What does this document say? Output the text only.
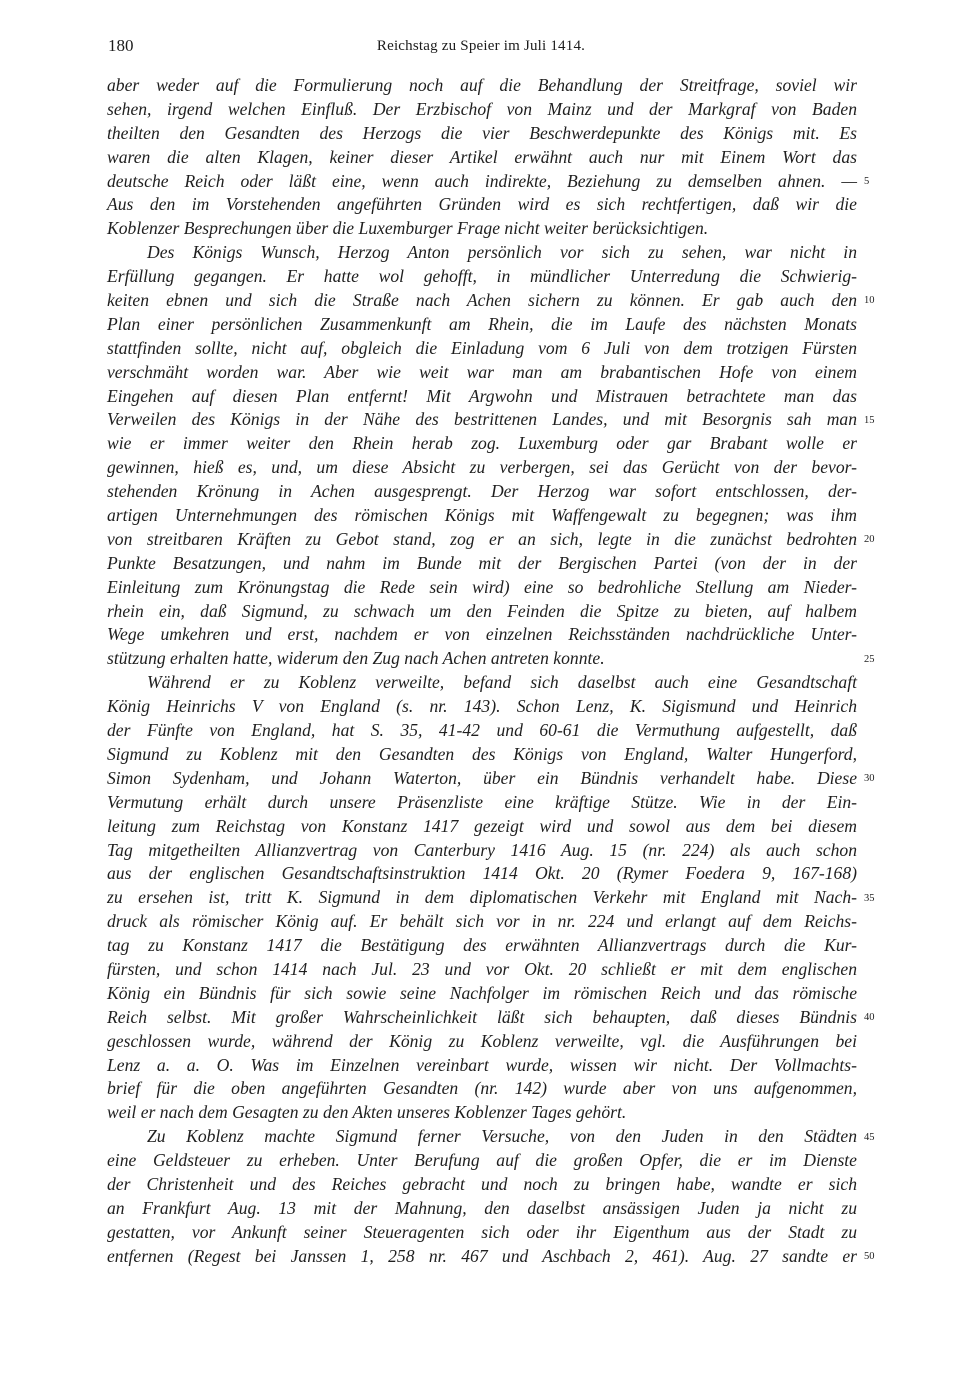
180	Reichstag zu Speier im Juli 1414.
aber weder auf die Formulierung noch auf die Behandlung der Streitfrage, soviel wir
sehen, irgend welchen Einfluß. Der Erzbischof von Mainz und der Markgraf von Baden
theilten den Gesandten des Herzogs die vier Beschwerdepunkte des Königs mit. Es
waren die alten Klagen, keiner dieser Artikel erwähnt auch nur mit Einem Wort das
deutsche Reich oder läßt eine, wenn auch indirekte, Beziehung zu demselben ahnen. —
Aus den im Vorstehenden angeführten Gründen wird es sich rechtfertigen, daß wir die
Koblenzer Besprechungen über die Luxemburger Frage nicht weiter berücksichtigen.
Des Königs Wunsch, Herzog Anton persönlich vor sich zu sehen, war nicht in
Erfüllung gegangen. Er hatte wol gehofft, in mündlicher Unterredung die Schwierig-
keiten ebnen und sich die Straße nach Achen sichern zu können. Er gab auch den
Plan einer persönlichen Zusammenkunft am Rhein, die im Laufe des nächsten Monats
stattfinden sollte, nicht auf, obgleich die Einladung vom 6 Juli von dem trotzigen Fürsten
verschmäht worden war. Aber wie weit war man am brabantischen Hofe von einem
Eingehen auf diesen Plan entfernt! Mit Argwohn und Mistrauen betrachtete man das
Verweilen des Königs in der Nähe des bestrittenen Landes, und mit Besorgnis sah man
wie er immer weiter den Rhein herab zog. Luxemburg oder gar Brabant wolle er
gewinnen, hieß es, und, um diese Absicht zu verbergen, sei das Gerücht von der bevor-
stehenden Krönung in Achen ausgesprengt. Der Herzog war sofort entschlossen, der-
artigen Unternehmungen des römischen Königs mit Waffengewalt zu begegnen; was ihm
von streitbaren Kräften zu Gebot stand, zog er an sich, legte in die zunächst bedrohten
Punkte Besatzungen, und nahm im Bunde mit der Bergischen Partei (von der in der
Einleitung zum Krönungstag die Rede sein wird) eine so bedrohliche Stellung am Nieder-
rhein ein, daß Sigmund, zu schwach um den Feinden die Spitze zu bieten, auf halbem
Wege umkehren und erst, nachdem er von einzelnen Reichsständen nachdrückliche Unter-
stützung erhalten hatte, widerum den Zug nach Achen antreten konnte.
Während er zu Koblenz verweilte, befand sich daselbst auch eine Gesandtschaft
König Heinrichs V von England (s. nr. 143). Schon Lenz, K. Sigismund und Heinrich
der Fünfte von England, hat S. 35, 41-42 und 60-61 die Vermuthung aufgestellt, daß
Sigmund zu Koblenz mit den Gesandten des Königs von England, Walter Hungerford,
Simon Sydenham, und Johann Waterton, über ein Bündnis verhandelt habe. Diese
Vermutung erhält durch unsere Präsenzliste eine kräftige Stütze. Wie in der Ein-
leitung zum Reichstag von Konstanz 1417 gezeigt wird und sowol aus dem bei diesem
Tag mitgetheilten Allianzvertrag von Canterbury 1416 Aug. 15 (nr. 224) als auch schon
aus der englischen Gesandtschaftsinstruktion 1414 Okt. 20 (Rymer Foedera 9, 167-168)
zu ersehen ist, tritt K. Sigmund in dem diplomatischen Verkehr mit England mit Nach-
druck als römischer König auf. Er behält sich vor in nr. 224 und erlangt auf dem Reichs-
tag zu Konstanz 1417 die Bestätigung des erwähnten Allianzvertrags durch die Kur-
fürsten, und schon 1414 nach Jul. 23 und vor Okt. 20 schließt er mit dem englischen
König ein Bündnis für sich sowie seine Nachfolger im römischen Reich und das römische
Reich selbst. Mit großer Wahrscheinlichkeit läßt sich behaupten, daß dieses Bündnis
geschlossen wurde, während der König zu Koblenz verweilte, vgl. die Ausführungen bei
Lenz a. a. O. Was im Einzelnen vereinbart wurde, wissen wir nicht. Der Vollmachts-
brief für die oben angeführten Gesandten (nr. 142) wurde aber von uns aufgenommen,
weil er nach dem Gesagten zu den Akten unseres Koblenzer Tages gehört.
Zu Koblenz machte Sigmund ferner Versuche, von den Juden in den Städten
eine Geldsteuer zu erheben. Unter Berufung auf die großen Opfer, die er im Dienste
der Christenheit und des Reiches gebracht und noch zu bringen habe, wandte er sich
an Frankfurt Aug. 13 mit der Mahnung, den daselbst ansässigen Juden ja nicht zu
gestatten, vor Ankunft seiner Steueragenten sich oder ihr Eigenthum aus der Stadt zu
entfernen (Regest bei Janssen 1, 258 nr. 467 und Aschbach 2, 461). Aug. 27 sandte er
5
10
15
20
25
30
35
40
45
50
